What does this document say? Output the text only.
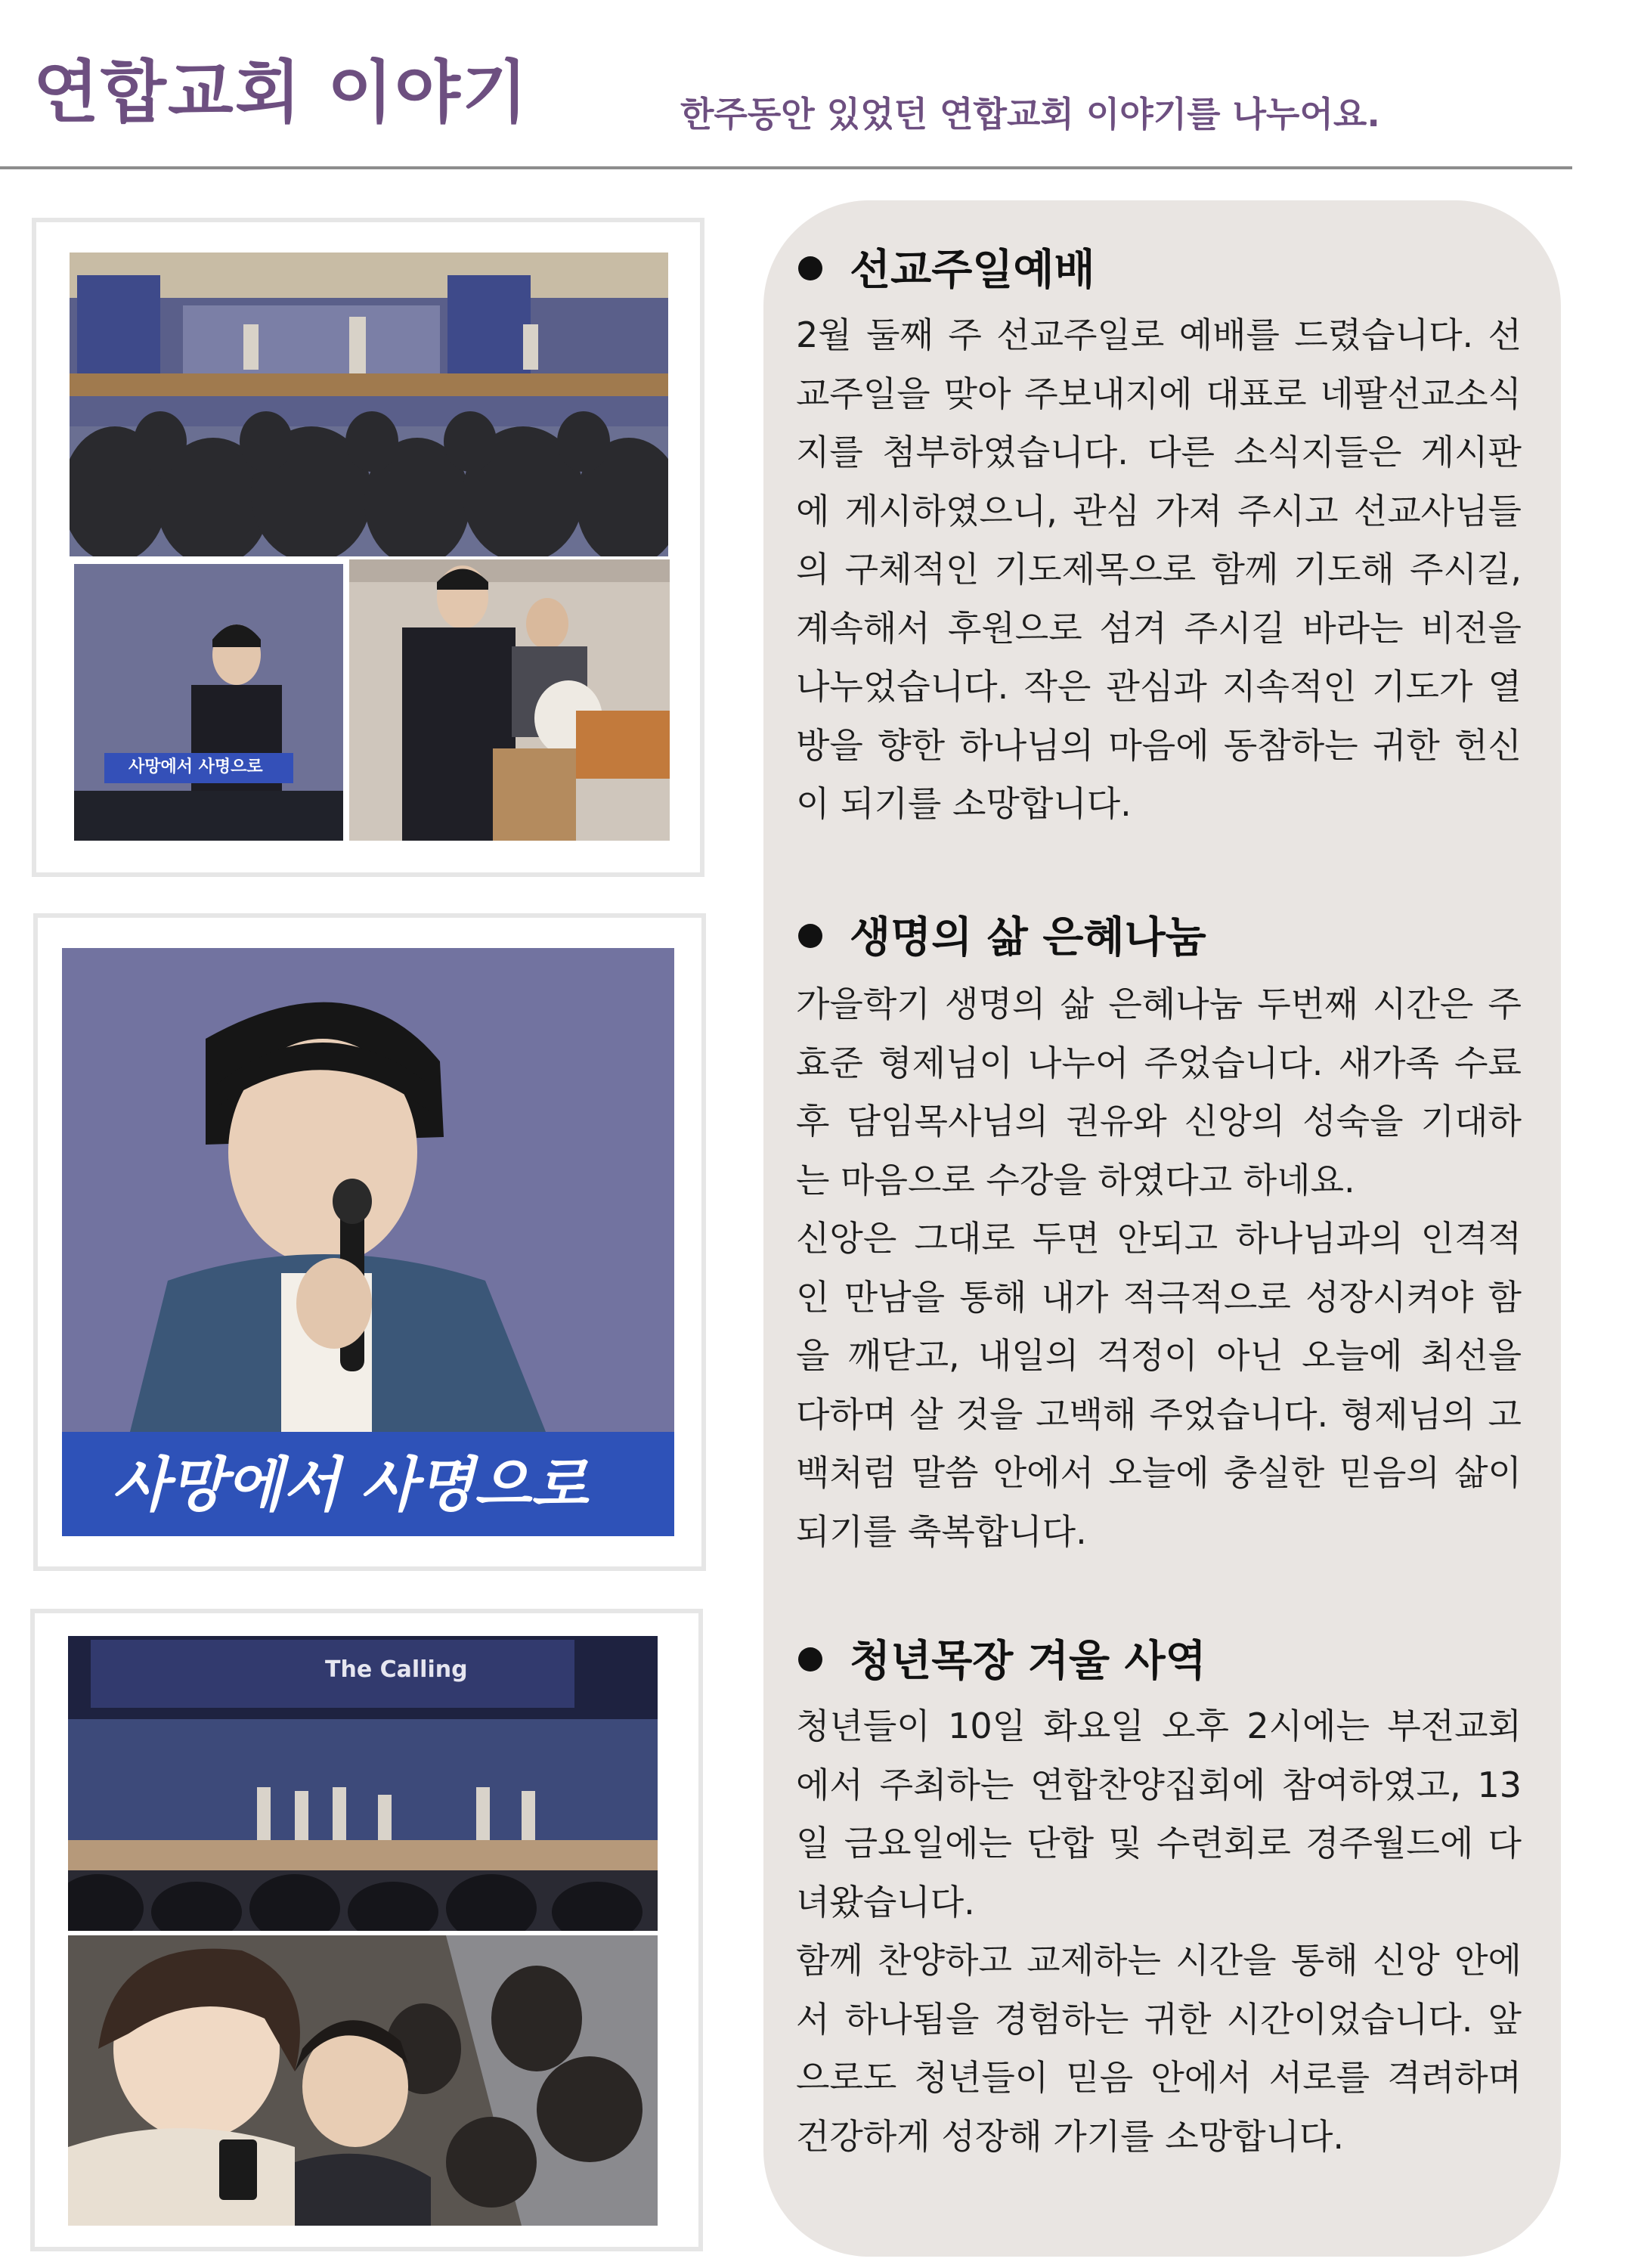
연합교회 이야기	한주동안 있었던 연합교회 이야기를 나누어요.
사망에서 사명으로
사망에서 사명으로
The Calling
선교주일예배
2월 둘째 주 선교주일로 예배를 드렸습니다. 선교주일을 맞아 주보내지에 대표로 네팔선교소식지를 첨부하였습니다. 다른 소식지들은 게시판에 게시하였으니, 관심 가져 주시고 선교사님들의 구체적인 기도제목으로 함께 기도해 주시길, 계속해서 후원으로 섬겨 주시길 바라는 비전을 나누었습니다. 작은 관심과 지속적인 기도가 열방을 향한 하나님의 마음에 동참하는 귀한 헌신이 되기를 소망합니다.
생명의 삶 은혜나눔
가을학기 생명의 삶 은혜나눔 두번째 시간은 주효준 형제님이 나누어 주었습니다. 새가족 수료후 담임목사님의 권유와 신앙의 성숙을 기대하는 마음으로 수강을 하였다고 하네요.
신앙은 그대로 두면 안되고 하나님과의 인격적인 만남을 통해 내가 적극적으로 성장시켜야 함을 깨닫고, 내일의 걱정이 아닌 오늘에 최선을 다하며 살 것을 고백해 주었습니다. 형제님의 고백처럼 말씀 안에서 오늘에 충실한 믿음의 삶이 되기를 축복합니다.
청년목장 겨울 사역
청년들이 10일 화요일 오후 2시에는 부전교회에서 주최하는 연합찬양집회에 참여하였고, 13일 금요일에는 단합 및 수련회로 경주월드에 다녀왔습니다.
함께 찬양하고 교제하는 시간을 통해 신앙 안에서 하나됨을 경험하는 귀한 시간이었습니다. 앞으로도 청년들이 믿음 안에서 서로를 격려하며 건강하게 성장해 가기를 소망합니다.
